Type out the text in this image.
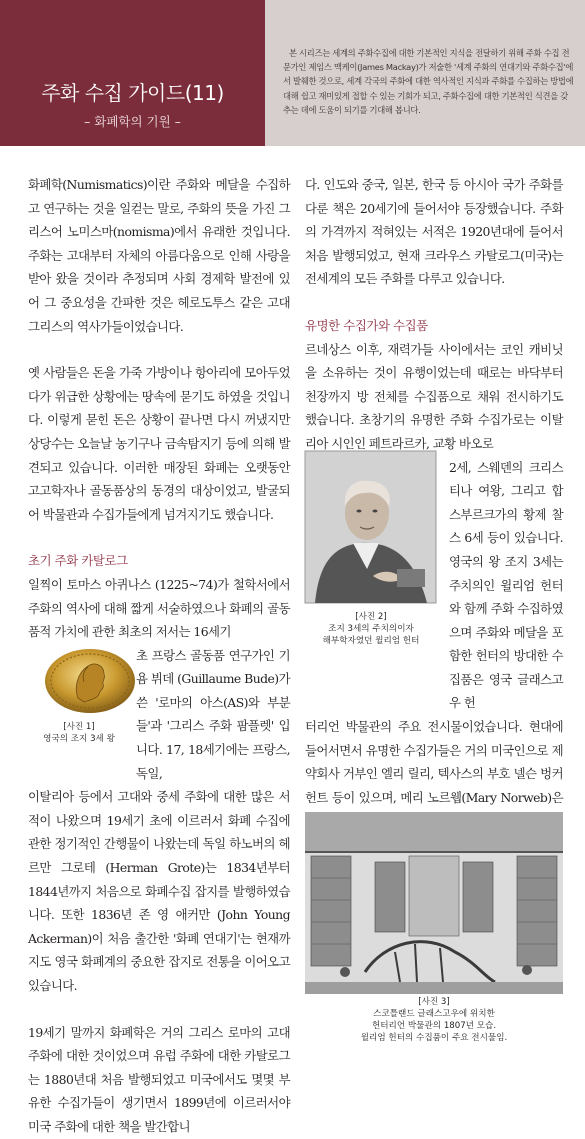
주화 수집 가이드(11)
– 화폐학의 기원 –

본 시리즈는 세계의 주화수집에 대한 기본적인 지식을 전달하기 위해 주화 수집 전문가인 제임스 맥케이(James Mackay)가 저술한 '세계 주화의 연대기와 주화수집'에서 발췌한 것으로, 세계 각국의 주화에 대한 역사적인 지식과 주화를 수집하는 방법에 대해 쉽고 재미있게 접할 수 있는 기회가 되고, 주화수집에 대한 기본적인 식견을 갖추는 데에 도움이 되기를 기대해 봅니다.

화폐학(Numismatics)이란 주화와 메달을 수집하고 연구하는 것을 일컫는 말로, 주화의 뜻을 가진 그리스어 노미스마(nomisma)에서 유래한 것입니다. 주화는 고대부터 자체의 아름다움으로 인해 사랑을 받아 왔을 것이라 추정되며 사회 경제학 발전에 있어 그 중요성을 간파한 것은 헤로도투스 같은 고대 그리스의 역사가들이었습니다.

옛 사람들은 돈을 가죽 가방이나 항아리에 모아두었다가 위급한 상황에는 땅속에 묻기도 하였을 것입니다. 이렇게 묻힌 돈은 상황이 끝나면 다시 꺼냈지만 상당수는 오늘날 농기구나 금속탐지기 등에 의해 발견되고 있습니다. 이러한 매장된 화폐는 오랫동안 고고학자나 골동품상의 동경의 대상이었고, 발굴되어 박물관과 수집가들에게 넘겨지기도 했습니다.

초기 주화 카탈로그

일찍이 토마스 아퀴나스 (1225~74)가 철학서에서 주화의 역사에 대해 짧게 서술하였으나 화폐의 골동품적 가치에 관한 최초의 저서는 16세기

초 프랑스 골동품 연구가인 기욤 뷔데 (Guillaume Bude)가 쓴 '로마의 아스(AS)와 부분들'과 '그리스 주화 팜플렛' 입니다. 17, 18세기에는 프랑스, 독일,

이탈리아 등에서 고대와 중세 주화에 대한 많은 서적이 나왔으며 19세기 초에 이르러서 화폐 수집에 관한 정기적인 간행물이 나왔는데 독일 하노버의 헤르만 그로테 (Herman Grote)는 1834년부터 1844년까지 처음으로 화폐수집 잡지를 발행하였습니다. 또한 1836년 존 영 애커만 (John Young Ackerman)이 처음 출간한 '화폐 연대기'는 현재까지도 영국 화폐계의 중요한 잡지로 전통을 이어오고 있습니다.

19세기 말까지 화폐학은 거의 그리스 로마의 고대 주화에 대한 것이었으며 유럽 주화에 대한 카탈로그는 1880년대 처음 발행되었고 미국에서도 몇몇 부유한 수집가들이 생기면서 1899년에 이르러서야 미국 주화에 대한 책을 발간합니

[사진 1]
영국의 조지 3세 왕

다. 인도와 중국, 일본, 한국 등 아시아 국가 주화를 다룬 책은 20세기에 들어서야 등장했습니다. 주화의 가격까지 적혀있는 서적은 1920년대에 들어서 처음 발행되었고, 현재 크라우스 카탈로그(미국)는 전세계의 모든 주화를 다루고 있습니다.

유명한 수집가와 수집품

르네상스 이후, 재력가들 사이에서는 코인 캐비닛을 소유하는 것이 유행이었는데 때로는 바닥부터 천장까지 방 전체를 수집품으로 채워 전시하기도 했습니다. 초창기의 유명한 주화 수집가로는 이탈리아 시인인 페트라르카, 교황 바오로

2세, 스웨덴의 크리스티나 여왕, 그리고 합스부르크가의 황제 찰스 6세 등이 있습니다. 영국의 왕 조지 3세는 주치의인 윌리엄 헌터와 함께 주화 수집하였으며 주화와 메달을 포함한 헌터의 방대한 수집품은 영국 글래스고우 헌

터리언 박물관의 주요 전시물이었습니다. 현대에 들어서면서 유명한 수집가들은 거의 미국인으로 제약회사 거부인 엘리 릴리, 텍사스의 부호 넬슨 벙커 헌트 등이 있으며, 메리 노르웹(Mary Norweb)은

[사진 2]
조지 3세의 주치의이자
해부학자였던 윌리엄 헌터
[사진 3]
스코틀랜드 글래스고우에 위치한
헌터리언 박물관의 1807년 모습.
윌리엄 헌터의 수집품이 주요 전시물임.
